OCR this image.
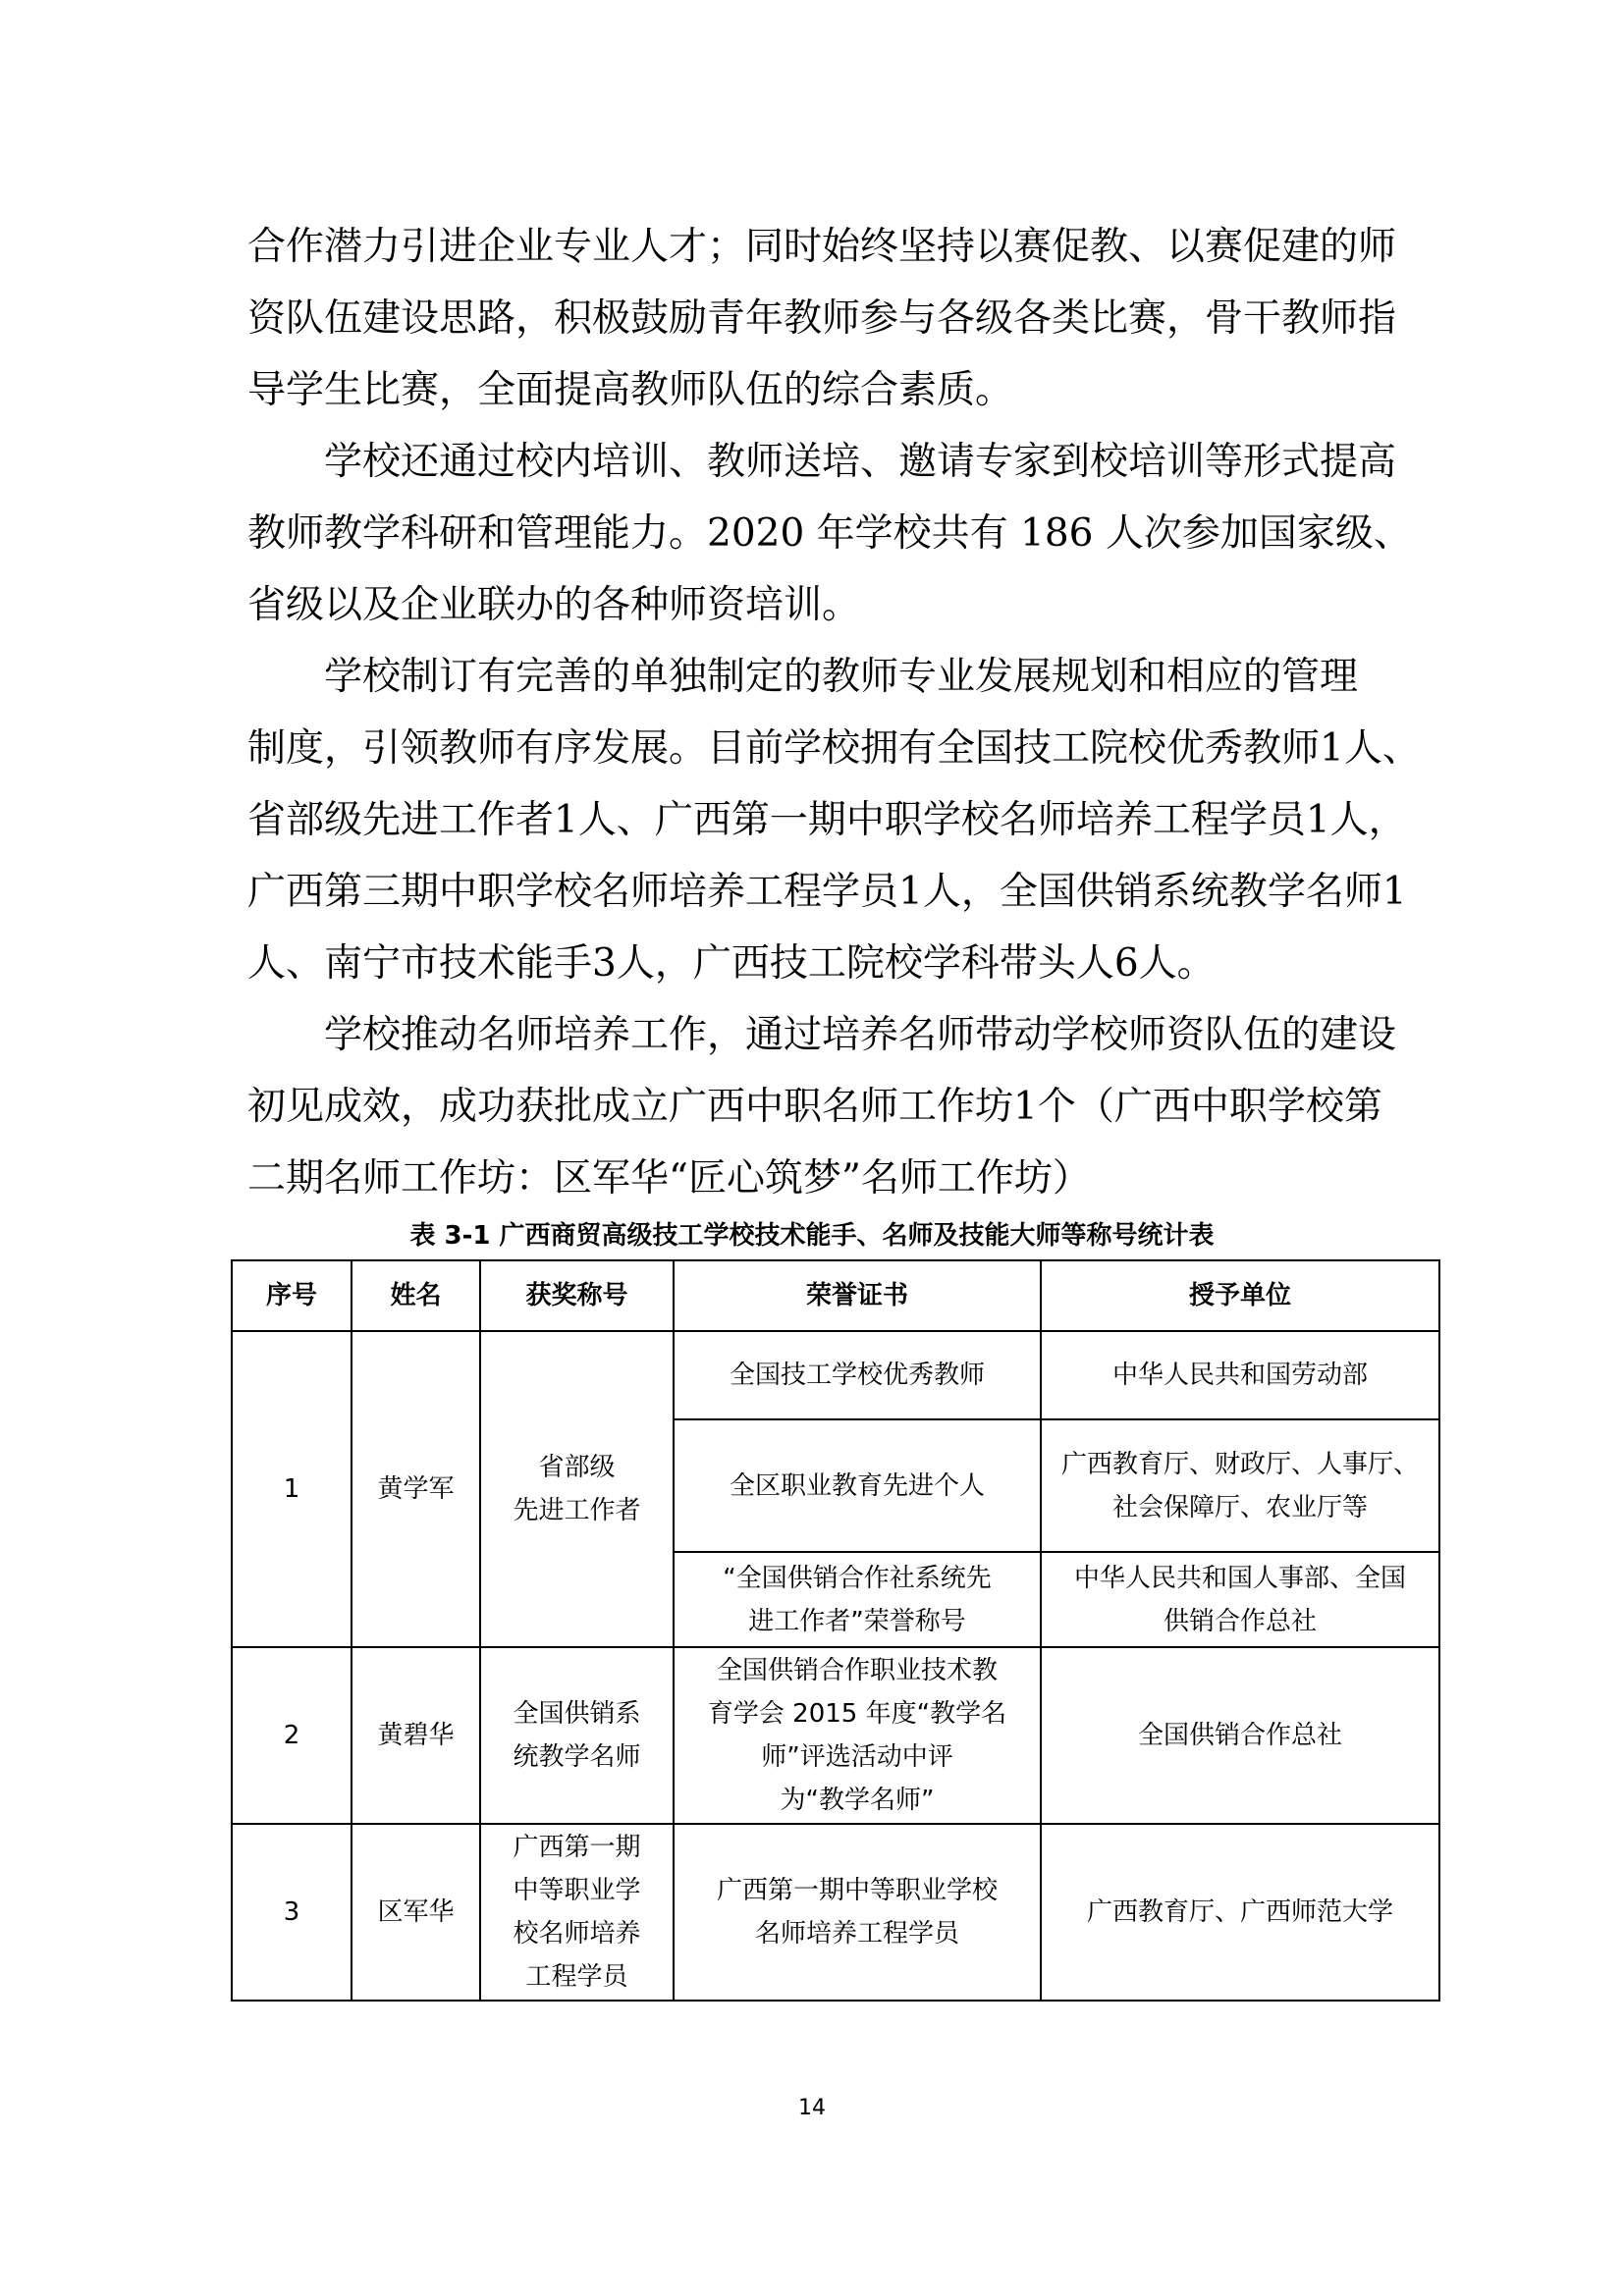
合作潜力引进企业专业人才；同时始终坚持以赛促教、以赛促建的师
资队伍建设思路，积极鼓励青年教师参与各级各类比赛，骨干教师指
导学生比赛，全面提高教师队伍的综合素质。
学校还通过校内培训、教师送培、邀请专家到校培训等形式提高
教师教学科研和管理能力。2020 年学校共有 186 人次参加国家级、
省级以及企业联办的各种师资培训。
学校制订有完善的单独制定的教师专业发展规划和相应的管理
制度，引领教师有序发展。目前学校拥有全国技工院校优秀教师1人、
省部级先进工作者1人、广西第一期中职学校名师培养工程学员1人，
广西第三期中职学校名师培养工程学员1人，全国供销系统教学名师1
人、南宁市技术能手3人，广西技工院校学科带头人6人。
学校推动名师培养工作，通过培养名师带动学校师资队伍的建设
初见成效，成功获批成立广西中职名师工作坊1个（广西中职学校第
二期名师工作坊：区军华“匠心筑梦”名师工作坊）
表 3-1 广西商贸高级技工学校技术能手、名师及技能大师等称号统计表
序号	姓名	获奖称号	荣誉证书	授予单位
1	黄学军	省部级
先进工作者	全国技工学校优秀教师	中华人民共和国劳动部

			全区职业教育先进个人	广西教育厅、财政厅、人事厅、
社会保障厅、农业厅等

			“全国供销合作社系统先
进工作者”荣誉称号	中华人民共和国人事部、全国
供销合作总社

2	黄碧华	全国供销系
统教学名师	全国供销合作职业技术教
育学会 2015 年度“教学名
师”评选活动中评
为“教学名师”	全国供销合作总社

3	区军华	广西第一期
中等职业学
校名师培养
工程学员	广西第一期中等职业学校
名师培养工程学员	广西教育厅、广西师范大学
14
